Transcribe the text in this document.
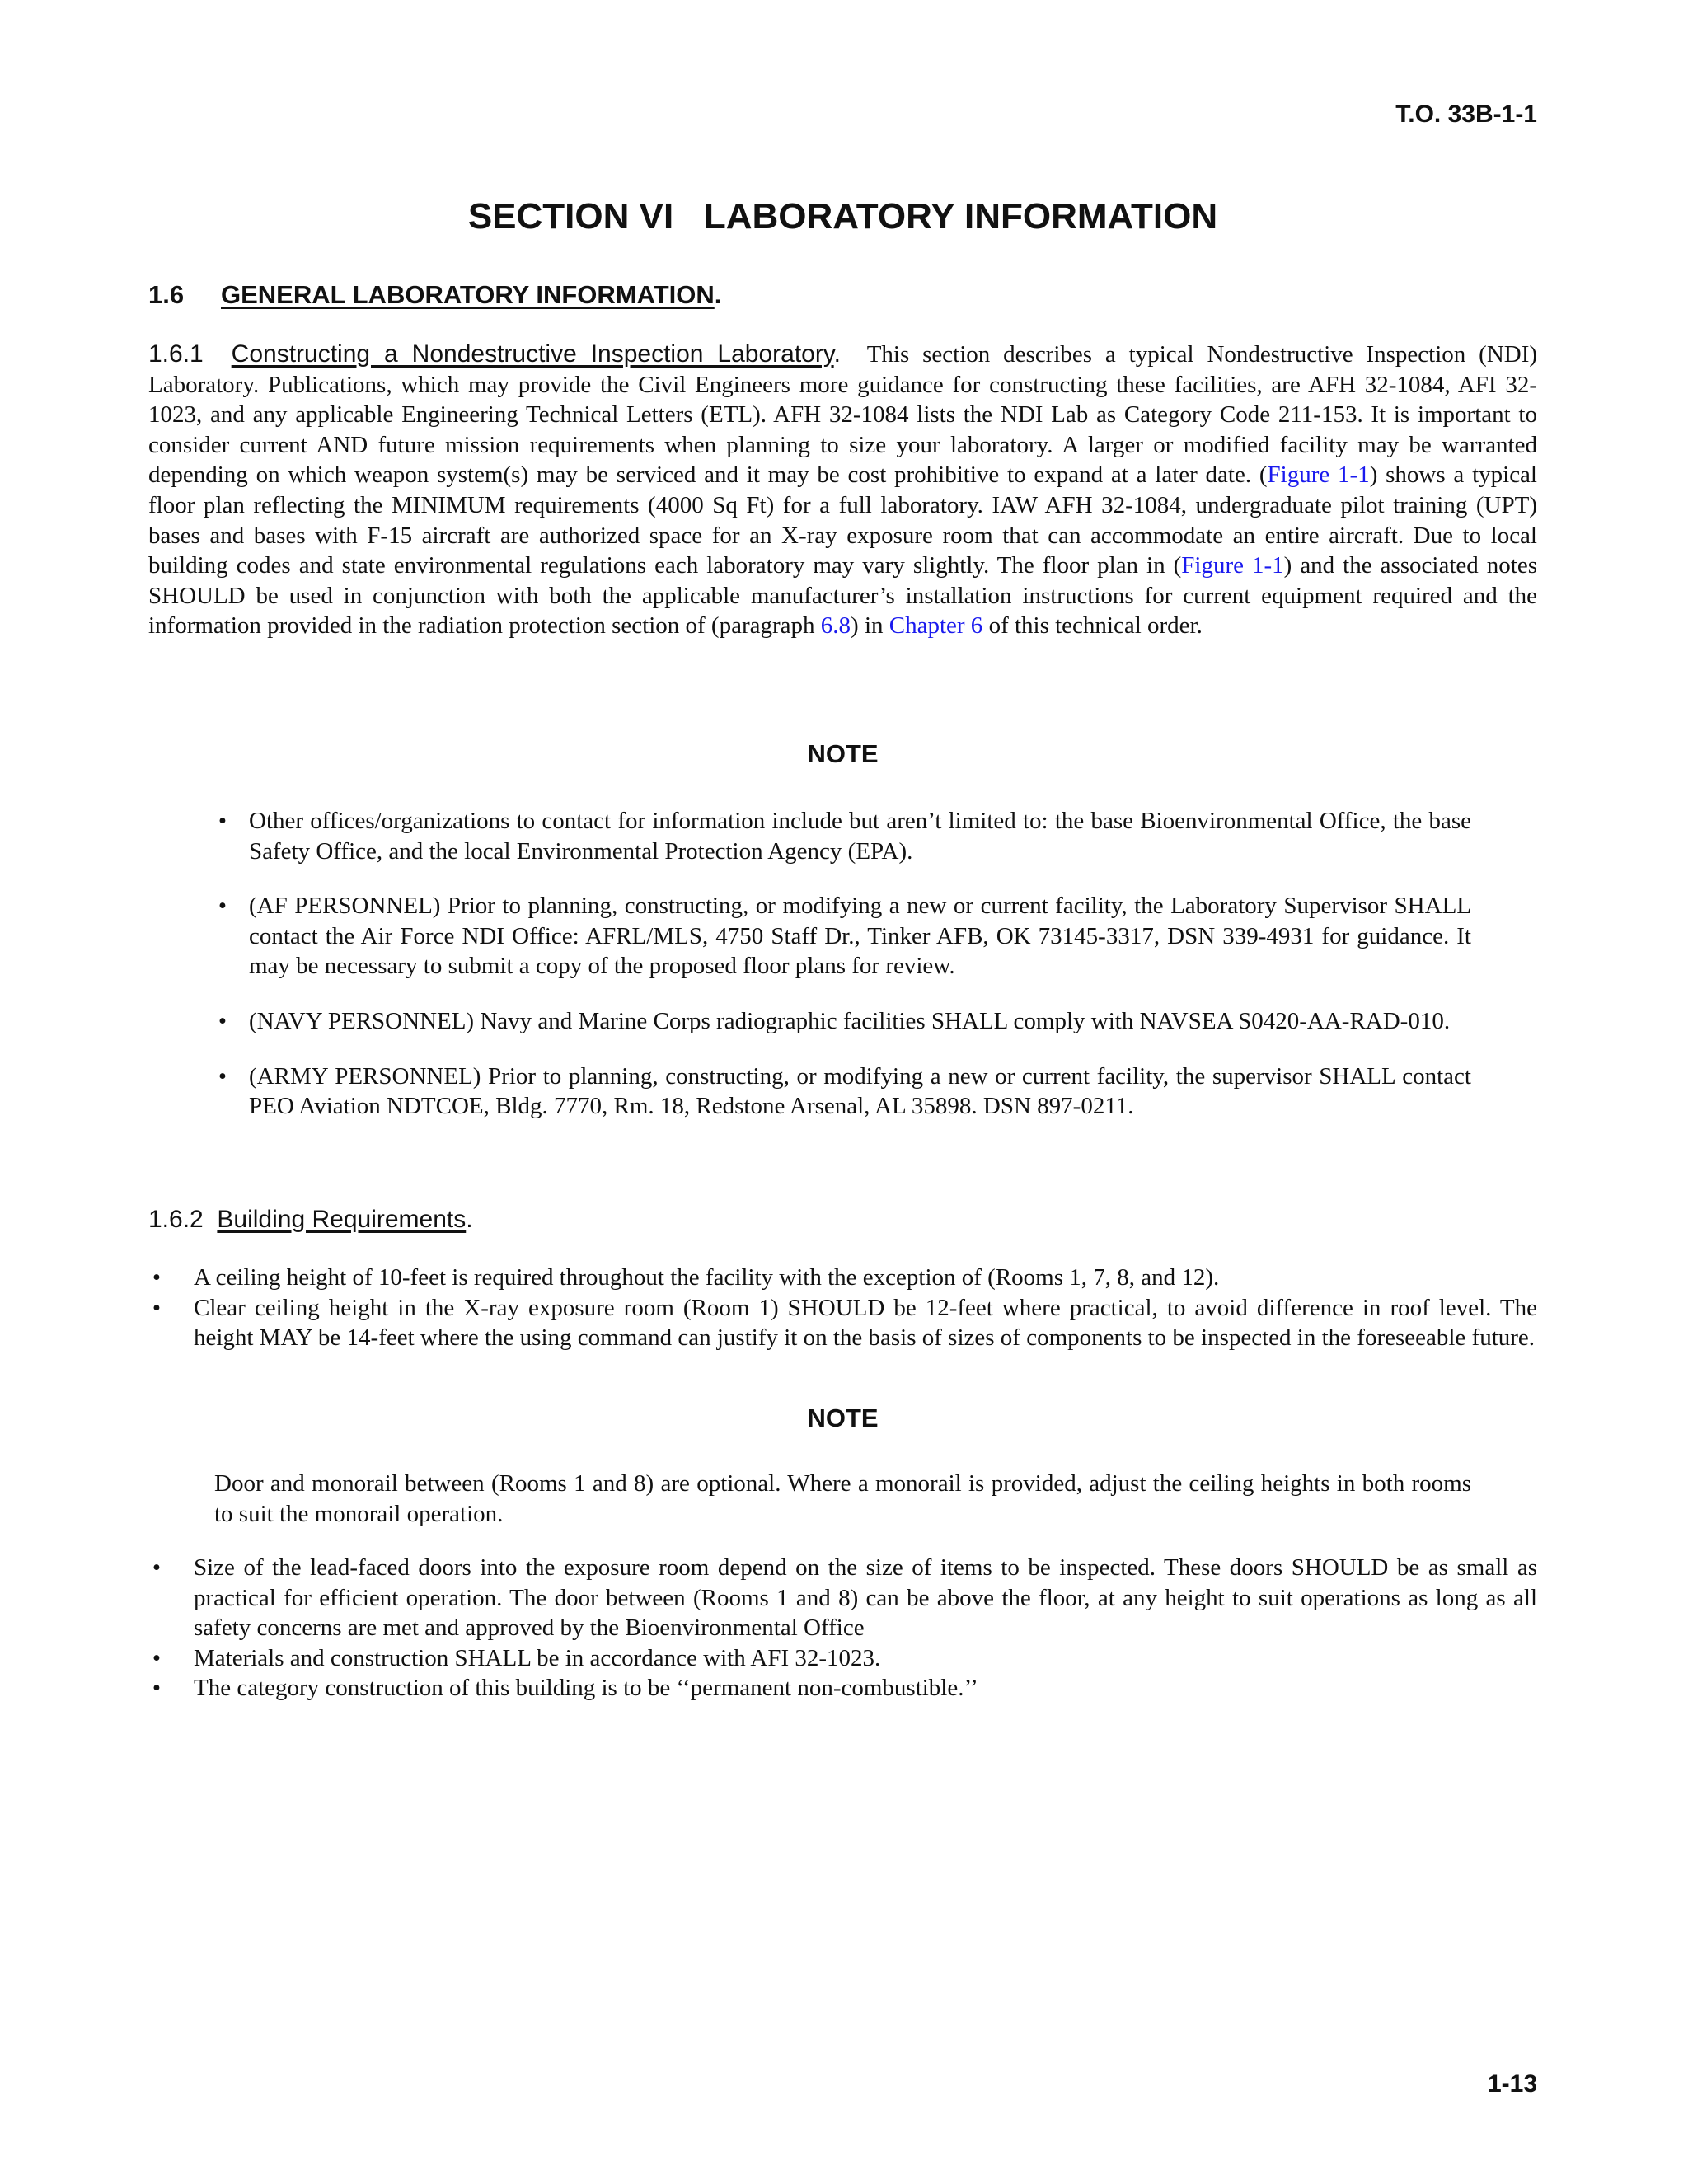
T.O. 33B-1-1
SECTION VI   LABORATORY INFORMATION
1.6 GENERAL LABORATORY INFORMATION.
1.6.1 Constructing a Nondestructive Inspection Laboratory. This section describes a typical Nondestructive Inspection (NDI) Laboratory. Publications, which may provide the Civil Engineers more guidance for constructing these facilities, are AFH 32-1084, AFI 32-1023, and any applicable Engineering Technical Letters (ETL). AFH 32-1084 lists the NDI Lab as Category Code 211-153. It is important to consider current AND future mission requirements when planning to size your laboratory. A larger or modified facility may be warranted depending on which weapon system(s) may be serviced and it may be cost prohibitive to expand at a later date. (Figure 1-1) shows a typical floor plan reflecting the MINIMUM requirements (4000 Sq Ft) for a full laboratory. IAW AFH 32-1084, undergraduate pilot training (UPT) bases and bases with F-15 aircraft are authorized space for an X-ray exposure room that can accommodate an entire aircraft. Due to local building codes and state environmental regulations each laboratory may vary slightly. The floor plan in (Figure 1-1) and the associated notes SHOULD be used in conjunction with both the applicable manufacturer’s installation instructions for current equipment required and the information provided in the radiation protection section of (paragraph 6.8) in Chapter 6 of this technical order.
NOTE
• Other offices/organizations to contact for information include but aren’t limited to: the base Bioenvironmental Office, the base Safety Office, and the local Environmental Protection Agency (EPA).
• (AF PERSONNEL) Prior to planning, constructing, or modifying a new or current facility, the Laboratory Supervisor SHALL contact the Air Force NDI Office: AFRL/MLS, 4750 Staff Dr., Tinker AFB, OK 73145-3317, DSN 339-4931 for guidance. It may be necessary to submit a copy of the proposed floor plans for review.
• (NAVY PERSONNEL) Navy and Marine Corps radiographic facilities SHALL comply with NAVSEA S0420-AA-RAD-010.
• (ARMY PERSONNEL) Prior to planning, constructing, or modifying a new or current facility, the supervisor SHALL contact PEO Aviation NDTCOE, Bldg. 7770, Rm. 18, Redstone Arsenal, AL 35898. DSN 897-0211.
1.6.2 Building Requirements.
• A ceiling height of 10-feet is required throughout the facility with the exception of (Rooms 1, 7, 8, and 12).
• Clear ceiling height in the X-ray exposure room (Room 1) SHOULD be 12-feet where practical, to avoid difference in roof level. The height MAY be 14-feet where the using command can justify it on the basis of sizes of components to be inspected in the foreseeable future.
NOTE
Door and monorail between (Rooms 1 and 8) are optional. Where a monorail is provided, adjust the ceiling heights in both rooms to suit the monorail operation.
• Size of the lead-faced doors into the exposure room depend on the size of items to be inspected. These doors SHOULD be as small as practical for efficient operation. The door between (Rooms 1 and 8) can be above the floor, at any height to suit operations as long as all safety concerns are met and approved by the Bioenvironmental Office
• Materials and construction SHALL be in accordance with AFI 32-1023.
• The category construction of this building is to be ‘‘permanent non-combustible.’’
1-13
